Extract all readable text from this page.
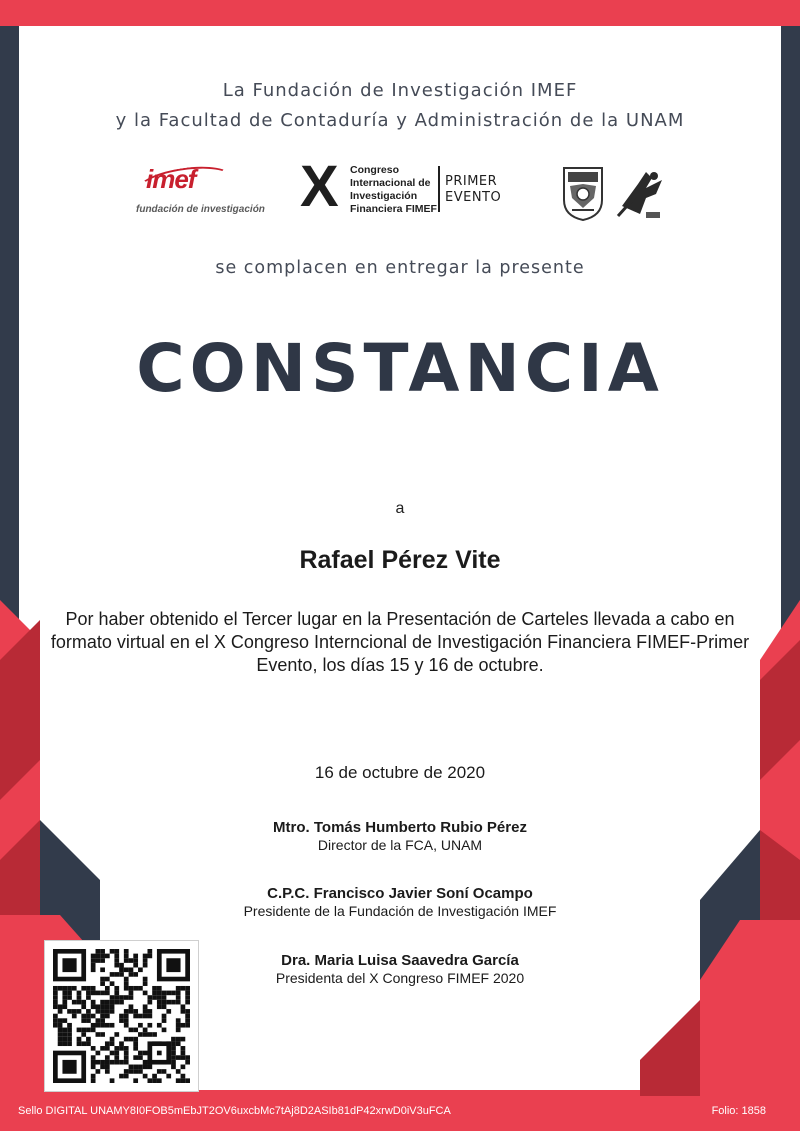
La Fundación de Investigación IMEF
y la Facultad de Contaduría y Administración de la UNAM
imef
fundación de investigación X Congreso
Internacional de
Investigación
Financiera FIMEF
PRIMER
EVENTO
se complacen en entregar la presente
CONSTANCIA
a
Rafael Pérez Vite
Por haber obtenido el Tercer lugar en la Presentación de Carteles llevada a cabo en formato virtual en el X Congreso Interncional de Investigación Financiera FIMEF-Primer Evento, los días 15 y 16 de octubre.
16 de octubre de 2020
Mtro. Tomás Humberto Rubio Pérez
Director de la FCA, UNAM
C.P.C. Francisco Javier Soní Ocampo
Presidente de la Fundación de Investigación IMEF
Dra. Maria Luisa Saavedra García
Presidenta del X Congreso FIMEF 2020
Sello DIGITAL UNAMY8I0FOB5mEbJT2OV6uxcbMc7tAj8D2ASIb81dP42xrwD0iV3uFCA	Folio: 1858
